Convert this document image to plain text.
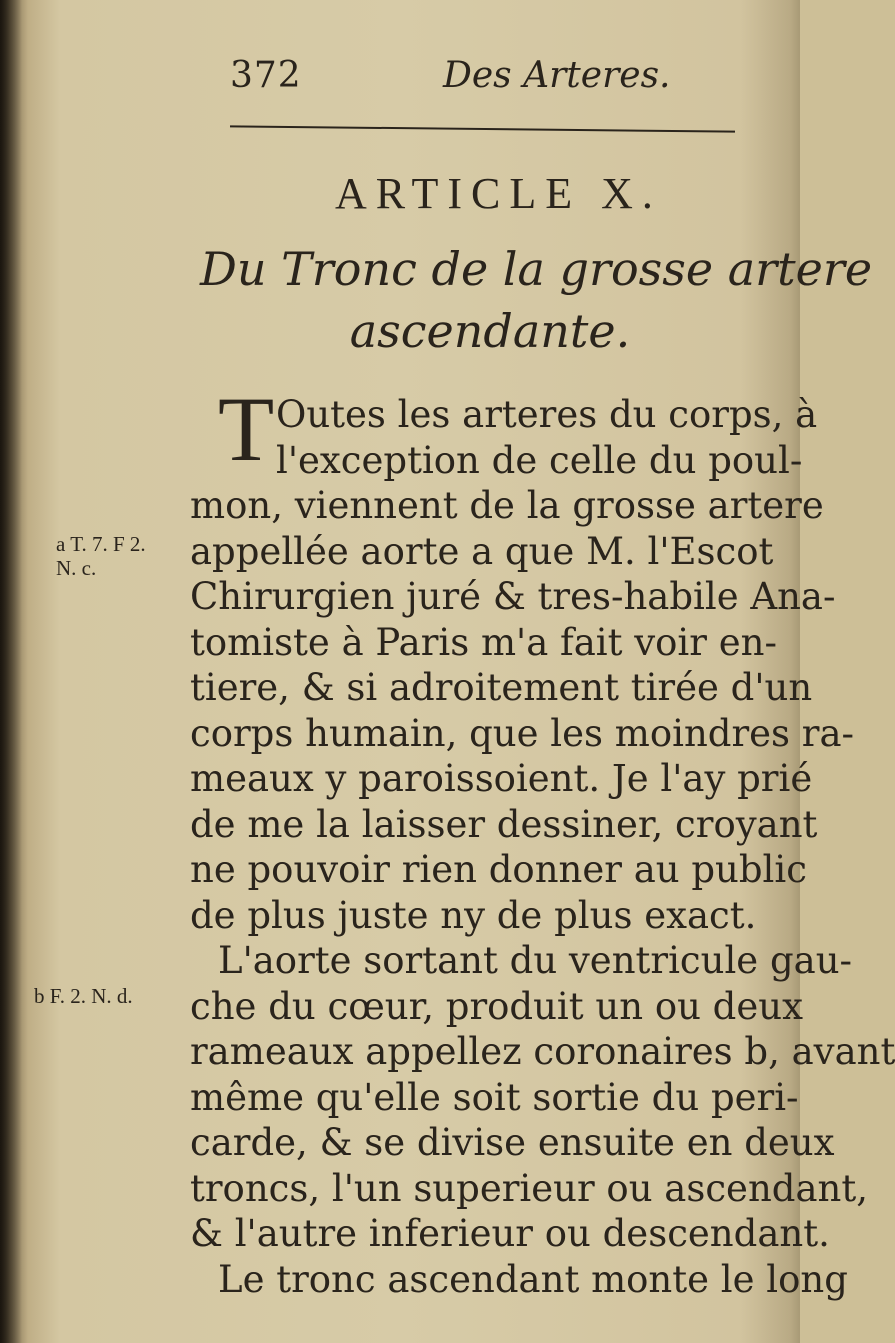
372	Des Arteres.
ARTICLE X.
Du Tronc de la grosse artere
ascendante.
T Outes les arteres du corps, à
l'exception de celle du poul-
mon, viennent de la grosse artere
appellée aorte a que M. l'Escot
Chirurgien juré & tres-habile Ana-
tomiste à Paris m'a fait voir en-
tiere, & si adroitement tirée d'un
corps humain, que les moindres ra-
meaux y paroissoient. Je l'ay prié
de me la laisser dessiner, croyant
ne pouvoir rien donner au public
de plus juste ny de plus exact.
L'aorte sortant du ventricule gau-
che du cœur, produit un ou deux
rameaux appellez coronaires b, avant
même qu'elle soit sortie du peri-
carde, & se divise ensuite en deux
troncs, l'un superieur ou ascendant,
& l'autre inferieur ou descendant.
Le tronc ascendant monte le long
a T. 7. F 2.
N. c.
b F. 2. N. d.
